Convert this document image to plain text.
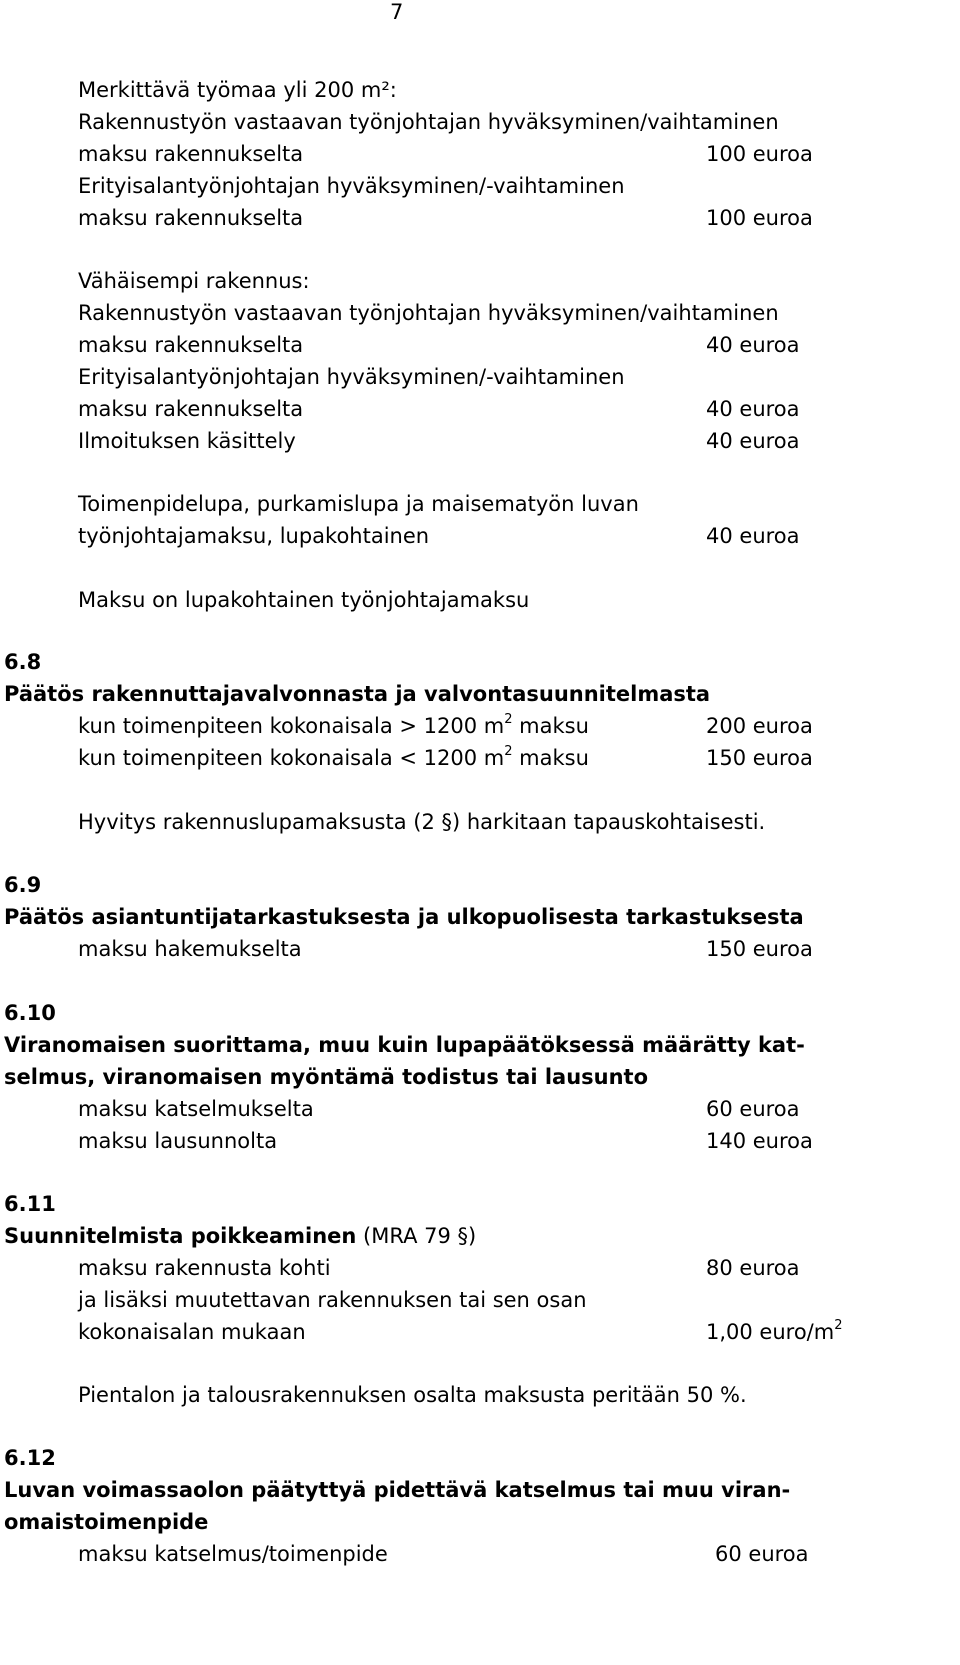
7
Merkittävä työmaa yli 200 m²:
Rakennustyön vastaavan työnjohtajan hyväksyminen/vaihtaminen
maksu rakennukselta	100 euroa
Erityisalantyönjohtajan hyväksyminen/-vaihtaminen
maksu rakennukselta	100 euroa
Vähäisempi rakennus:
Rakennustyön vastaavan työnjohtajan hyväksyminen/vaihtaminen
maksu rakennukselta	40 euroa
Erityisalantyönjohtajan hyväksyminen/-vaihtaminen
maksu rakennukselta	40 euroa
Ilmoituksen käsittely	40 euroa
Toimenpidelupa, purkamislupa ja maisematyön luvan
työnjohtajamaksu, lupakohtainen	40 euroa
Maksu on lupakohtainen työnjohtajamaksu
6.8
Päätös rakennuttajavalvonnasta ja valvontasuunnitelmasta
kun toimenpiteen kokonaisala > 1200 $m^2$ maksu	200 euroa
kun toimenpiteen kokonaisala < 1200 $m^2$ maksu	150 euroa
Hyvitys rakennuslupamaksusta (2 §) harkitaan tapauskohtaisesti.
6.9
Päätös asiantuntijatarkastuksesta ja ulkopuolisesta tarkastuksesta
maksu hakemukselta	150 euroa
6.10
Viranomaisen suorittama, muu kuin lupapäätöksessä määrätty kat-
selmus, viranomaisen myöntämä todistus tai lausunto
maksu katselmukselta	60 euroa
maksu lausunnolta	140 euroa
6.11
Suunnitelmista poikkeaminen (MRA 79 §)
maksu rakennusta kohti	80 euroa
ja lisäksi muutettavan rakennuksen tai sen osan
kokonaisalan mukaan	1,00 euro/$m^2$
Pientalon ja talousrakennuksen osalta maksusta peritään 50 %.
6.12
Luvan voimassaolon päätyttyä pidettävä katselmus tai muu viran-
omaistoimenpide
maksu katselmus/toimenpide	60 euroa
